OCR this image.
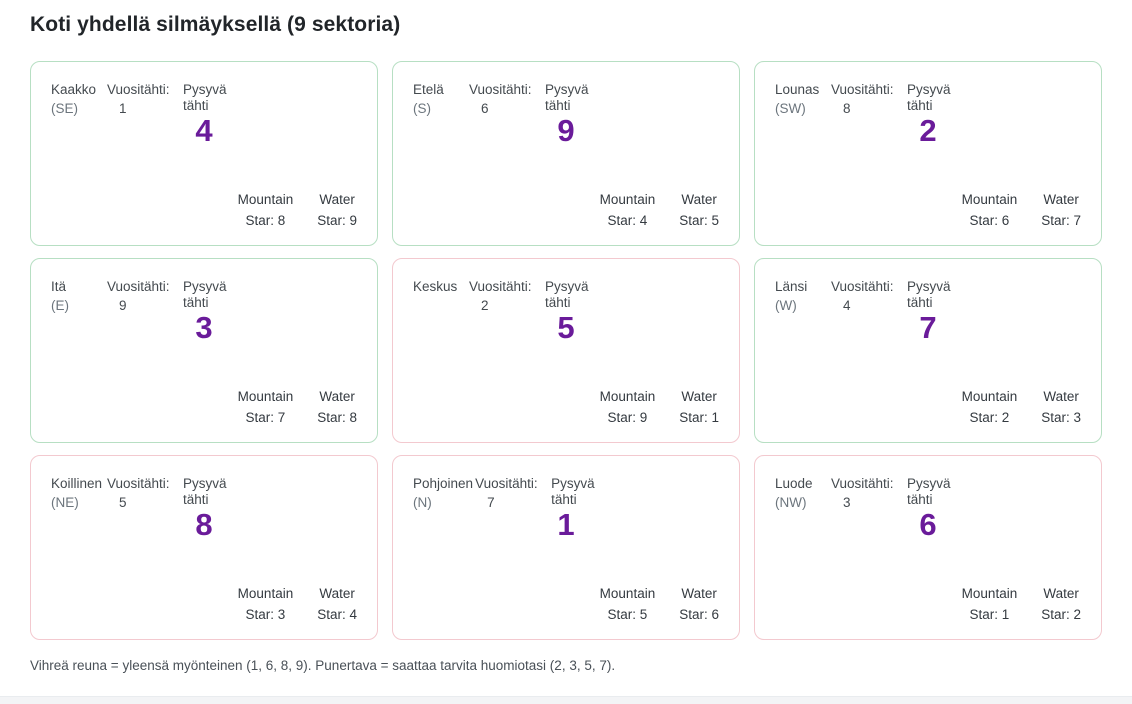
Koti yhdellä silmäyksellä (9 sektoria)
Kaakko
(SE)
Vuositähti:
1
Pysyvä tähti
4
Mountain
Star: 8
Water
Star: 9
Etelä
(S)
Vuositähti:
6
Pysyvä tähti
9
Mountain
Star: 4
Water
Star: 5
Lounas
(SW)
Vuositähti:
8
Pysyvä tähti
2
Mountain
Star: 6
Water
Star: 7
Itä
(E)
Vuositähti:
9
Pysyvä tähti
3
Mountain
Star: 7
Water
Star: 8
Keskus Vuositähti:
2
Pysyvä tähti
5
Mountain
Star: 9
Water
Star: 1
Länsi
(W)
Vuositähti:
4
Pysyvä tähti
7
Mountain
Star: 2
Water
Star: 3
Koillinen
(NE)
Vuositähti:
5
Pysyvä tähti
8
Mountain
Star: 3
Water
Star: 4
Pohjoinen
(N)
Vuositähti:
7
Pysyvä tähti
1
Mountain
Star: 5
Water
Star: 6
Luode
(NW)
Vuositähti:
3
Pysyvä tähti
6
Mountain
Star: 1
Water
Star: 2
Vihreä reuna = yleensä myönteinen (1, 6, 8, 9). Punertava = saattaa tarvita huomiotasi (2, 3, 5, 7).
